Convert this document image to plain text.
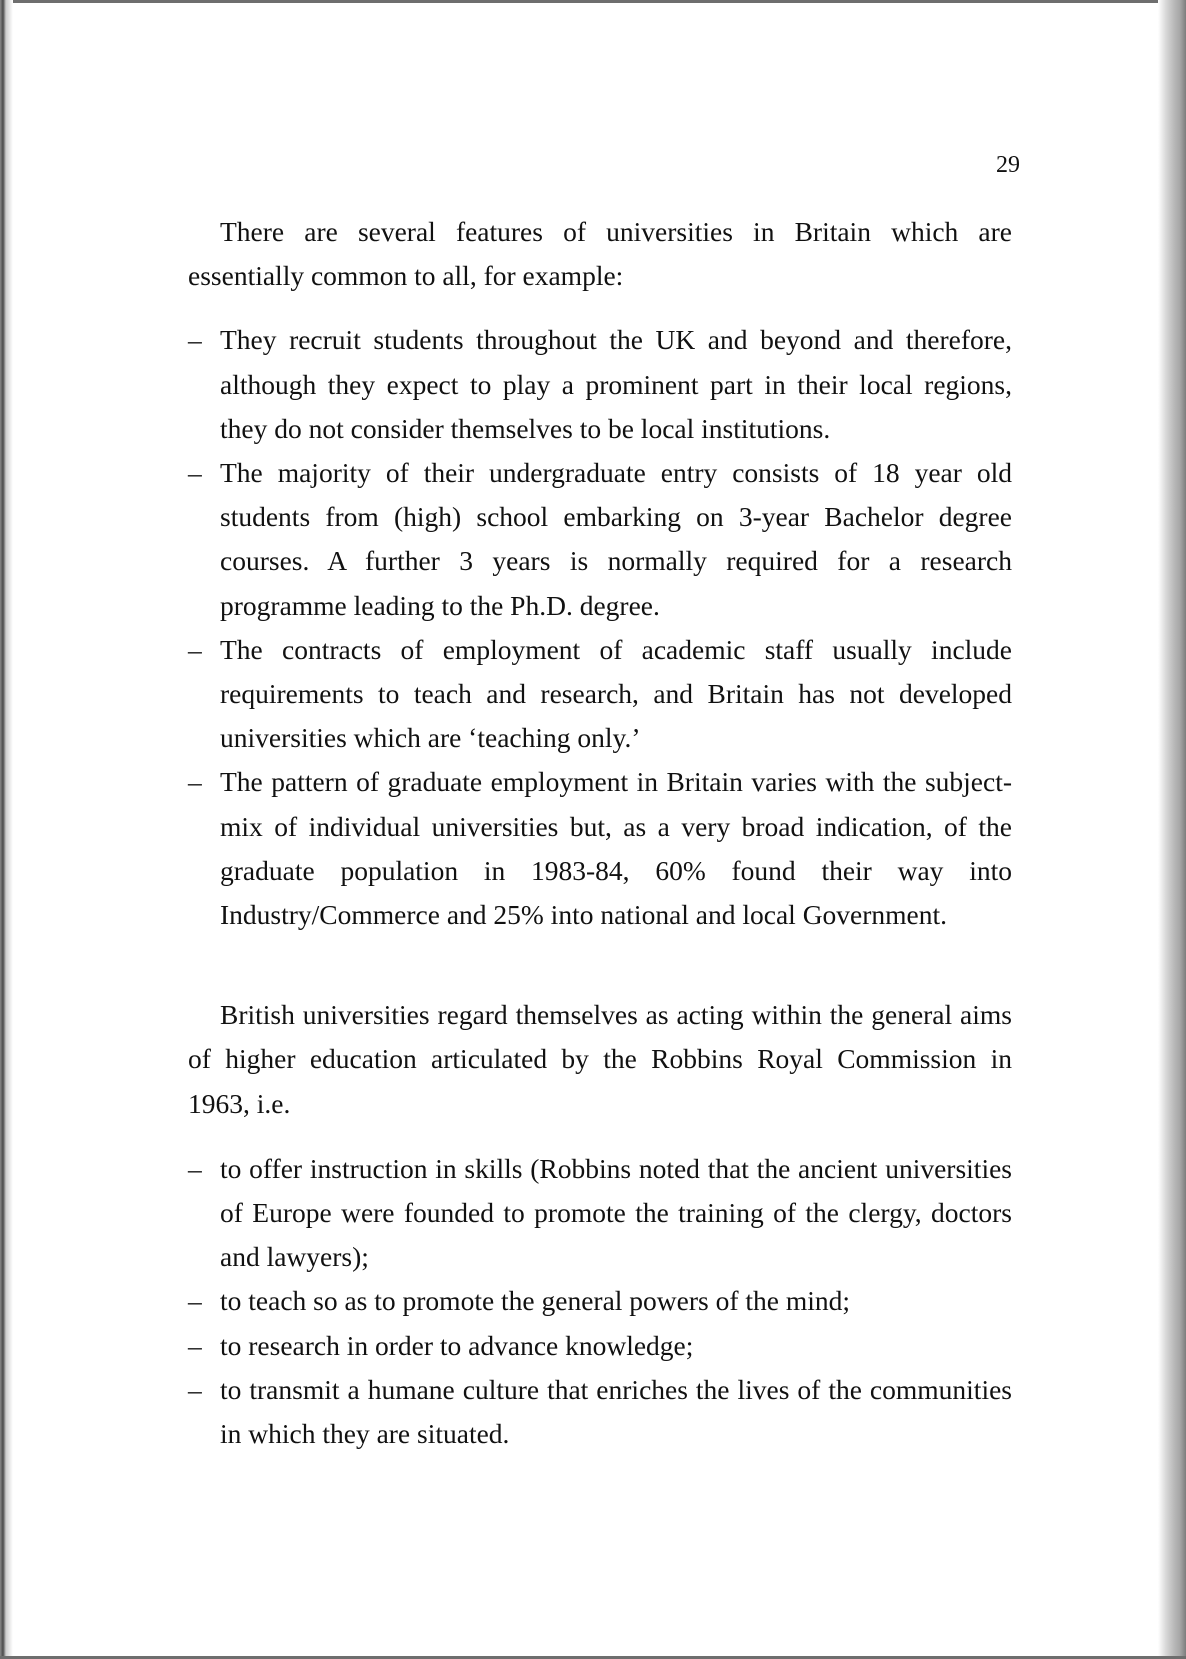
29

There are several features of universities in Britain which are essentially common to all, for example:

– They recruit students throughout the UK and beyond and therefore, although they expect to play a prominent part in their local regions, they do not consider themselves to be local institutions.
– The majority of their undergraduate entry consists of 18 year old students from (high) school embarking on 3-year Bachelor degree courses. A further 3 years is normally required for a research programme leading to the Ph.D. degree.
– The contracts of employment of academic staff usually include requirements to teach and research, and Britain has not developed universities which are ‘teaching only.’
– The pattern of graduate employment in Britain varies with the subject-mix of individual universities but, as a very broad indication, of the graduate population in 1983-84, 60% found their way into Industry/Commerce and 25% into national and local Government.

British universities regard themselves as acting within the general aims of higher education articulated by the Robbins Royal Commission in 1963, i.e.

– to offer instruction in skills (Robbins noted that the ancient universities of Europe were founded to promote the training of the clergy, doctors and lawyers);
– to teach so as to promote the general powers of the mind;
– to research in order to advance knowledge;
– to transmit a humane culture that enriches the lives of the communities in which they are situated.
